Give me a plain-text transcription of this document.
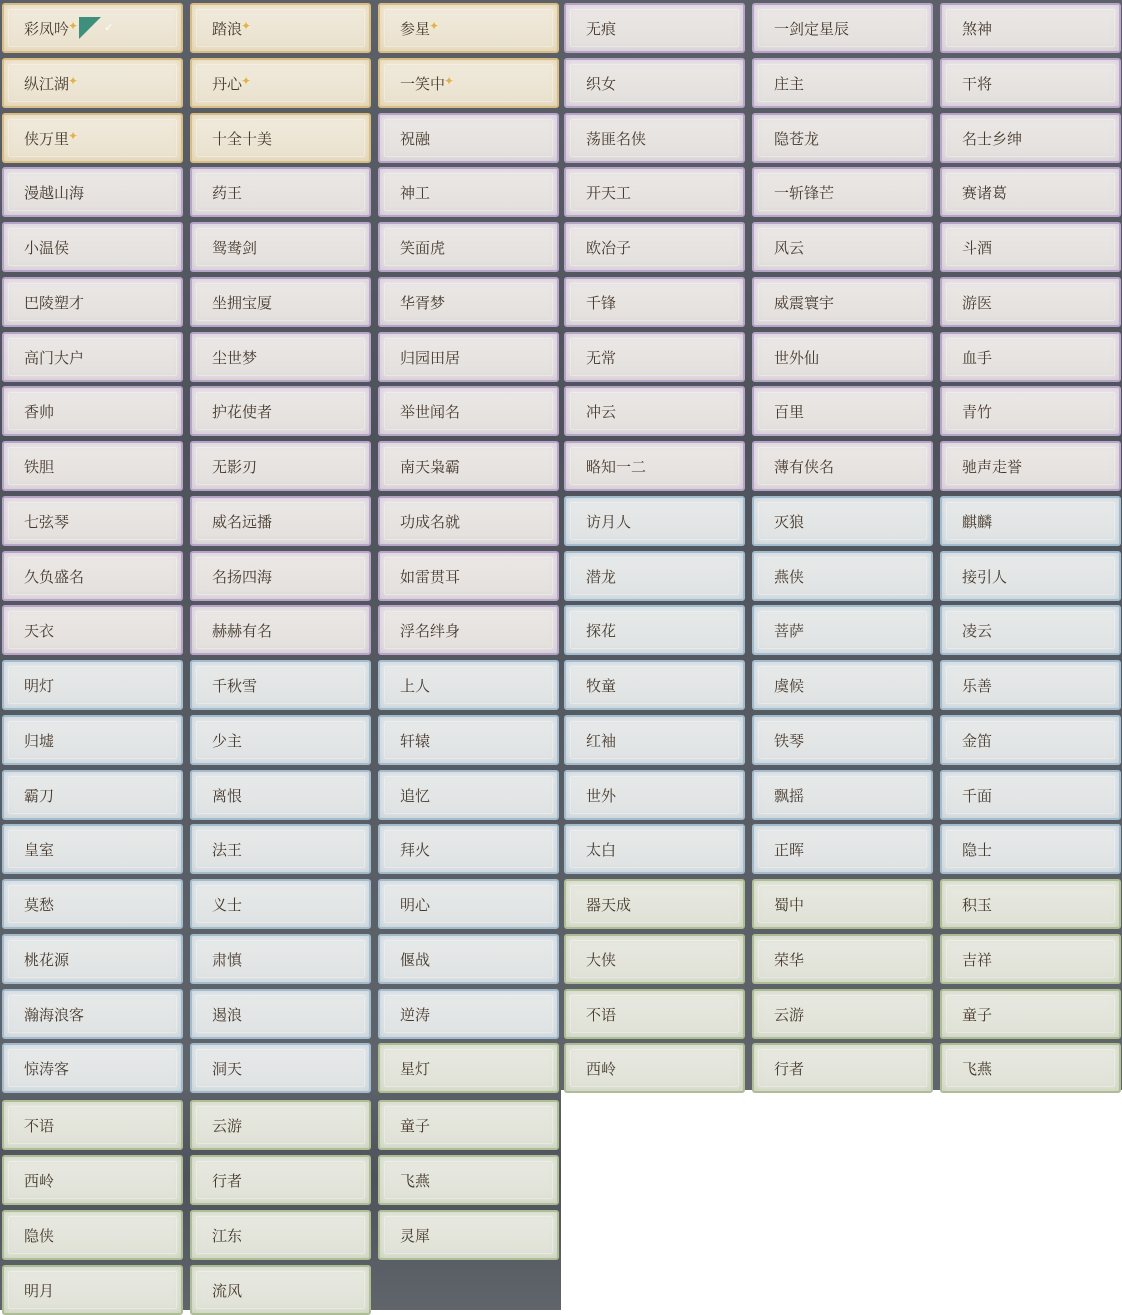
彩凤吟 ✦ ✓	踏浪 ✦	参星 ✦	无痕	一剑定星辰	煞神
纵江湖 ✦	丹心 ✦	一笑中 ✦	织女	庄主	干将
侠万里 ✦	十全十美	祝融	荡匪名侠	隐苍龙	名士乡绅
漫越山海	药王	神工	开天工	一斩锋芒	赛诸葛
小温侯	鸳鸯剑	笑面虎	欧冶子	风云	斗酒
巴陵塑才	坐拥宝厦	华胥梦	千锋	威震寰宇	游医
高门大户	尘世梦	归园田居	无常	世外仙	血手
香帅	护花使者	举世闻名	冲云	百里	青竹
铁胆	无影刃	南天枭霸	略知一二	薄有侠名	驰声走誉
七弦琴	威名远播	功成名就	访月人	灭狼	麒麟
久负盛名	名扬四海	如雷贯耳	潜龙	燕侠	接引人
天衣	赫赫有名	浮名绊身	探花	菩萨	凌云
明灯	千秋雪	上人	牧童	虞候	乐善
归墟	少主	轩辕	红袖	铁琴	金笛
霸刀	离恨	追忆	世外	飘摇	千面
皇室	法王	拜火	太白	正晖	隐士
莫愁	义士	明心	器天成	蜀中	积玉
桃花源	肃慎	偃战	大侠	荣华	吉祥
瀚海浪客	遏浪	逆涛	不语	云游	童子
惊涛客	洞天	星灯	西岭	行者	飞燕
不语	云游	童子
西岭	行者	飞燕
隐侠	江东	灵犀
明月	流风
